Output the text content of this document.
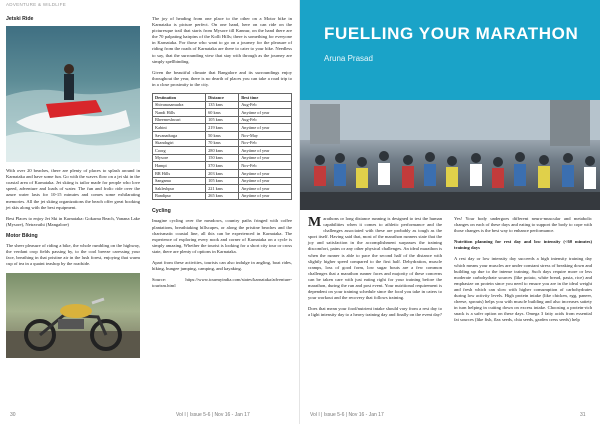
ADVENTURE & WILDLIFE
Jetski Ride

With over 20 beaches, there are plenty of places to splash around in Karnataka and have some fun. Go with the waves flow on a jet ski in the coastal area of Karnataka. Jet skiing is tailor made for people who love speed, adventure and loads of water. The fun and frolic ride over the azure water lasts for 10-15 minutes and comes some exhilarating memories. All the jet skiing organizations the beach offer great booking jet skis along with the best equipment.

Best Places to enjoy Jet Ski in Karnataka: Gokarna Beach, Vanana Lake (Mysore), Netravathi (Mangalore)

Motor Biking

The sheer pleasure of riding a bike, the whole rumbling on the highway, the verdant crop fields passing by, to the cool breeze caressing your face, breathing in that pristine air in the lush forest, enjoying that warm cup of tea in a quaint teashop by the roadside.

The joy of heading from one place to the other on a Motor bike in Karnataka is picture perfect. On one hand, here on can ride on the picturesque trail that starts from Mysore till Kannur, on the hand there are the 70 palpating hairpins of the Kolli Hills; there is something for everyone in Karnataka. For those who want to go on a journey for the pleasure of riding from the roads of Karnataka are there to cater to your bike. Needless to say, that the surrounding view that stay with through as the journey are simply spellbinding.

Given the beautiful climate that Bangalore and its surroundings enjoy throughout the year, there is no dearth of places you can take a road trip to in a close proximity to the city.

Destination	Distance	Best time
Shivanasamudra	135 kms	Aug-Feb
Nandi Hills	60 kms	Anytime of year
Bheemeshwari	105 kms	Aug-Feb
Kabini	219 kms	Anytime of year
Savanadurga	50 kms	Nov-May
Skandagiri	70 kms	Nov-Feb
Coorg	280 kms	Anytime of year
Mysore	150 kms	Anytime of year
Hampi	370 kms	Nov-Feb
BR Hills	203 kms	Anytime of year
Sangama	105 kms	Anytime of year
Sakleshpur	221 kms	Anytime of year
Bandipur	265 kms	Anytime of year
Cycling

Imagine cycling over the meadows, country paths fringed with coffee plantations, breathtaking hillscapes, or along the pristine beaches and the charismatic coastal line, all this can be experienced in Karnataka. The experience of exploring every nook and corner of Karnataka on a cycle is simply amazing. Whether the tourist is looking for a short city tour or cross state, there are plenty of options in Karnataka.

Apart from these activities, tourists can also indulge in angling, boat rides, hiking, bungee jumping, camping, and kayaking.

Source: https://www.tourmyindia.com/states/karnataka/adventure-tourism.html

30	Vol I | Issue 5-6 | Nov 16 - Jan 17
FUELLING YOUR MARATHON
Aruna Prasad

Marathons or long distance running is designed to test the human capabilities when it comes to athletic performance and the challenges associated with these are probably as tough as the sport itself. Having said that, most of the marathon runners state that the joy and satisfaction in the accomplishment surpasses the training discomfort, pains or any other physical challenges. An ideal marathon is when the runner is able to pace the second half of the distance with slightly higher speed compared to the first half. Dehydration, muscle cramps, loss of good form, low sugar bouts are a few common challenges that a marathon runner faces and majority of these concerns can be taken care with just eating right for your training before the marathon, during the run and post event. Your nutritional requirement is dependent on your training schedule since the food you take in caters to your workout and the recovery that follows training.

Does that mean your food/nutrient intake should vary from a rest day to a light intensity day to a heavy training day and finally on the event day?

Yes! Your body undergoes different neuro-muscular and metabolic changes on each of these days and eating to support the body to cope with those changes is the best way to enhance performance.

Nutrition planning for rest day and low intensity (<60 minutes) training days

A rest day or low intensity day succeeds a high intensity training day which means your muscles are under constant stress of breaking down and building up due to the intense training. Such days require more or less moderate carbohydrate sources (like potato, white bread, pasta, rice) and emphasize on protein since you need to ensure you are in the ideal weight and fresh which can slow with higher consumption of carbohydrates during low activity levels. High protein intake (like chicken, egg, paneer, cheese, sprouts) helps you with muscle building and also increases satiety in turn helping in cutting down on excess intake. Choosing a protein-rich snack is a safer option on these days. Omega 3 fatty acids from essential fat sources (like fish, flax seeds, chia seeds, garden cress seeds) help

Vol I | Issue 5-6 | Nov 16 - Jan 17	31
